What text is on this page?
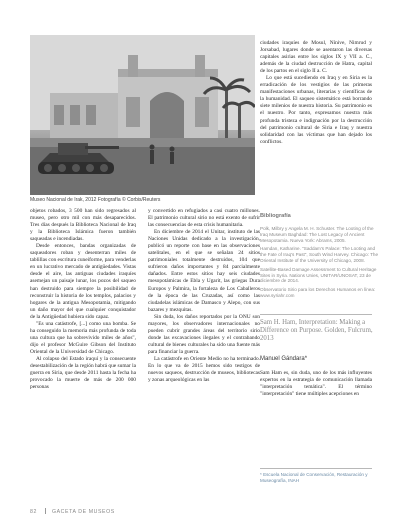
Museo Nacional de Irak, 2012 Fotografía © Corbis/Reuters

objetos robados, 3 500 han sido regresados al museo, pero otro mil con más desaparecidos. Tres días después la Biblioteca Nacional de Iraq y la Biblioteca Islámica fueron también saqueadas e incendiadas.

Desde entonces, bandas organizadas de saqueadores roban y desenterran miles de tablillas con escritura cuneiforme, para venderlas en un lucrativo mercado de antigüedades. Vistas desde el aire, las antiguas ciudades iraquíes asemejan un paisaje lunar, los pozos del saqueo han destruido para siempre la posibilidad de reconstruir la historia de los templos, palacios y hogares de la antigua Mesopotamia, mitigando un daño mayor del que cualquier conquistador de la Antigüedad hubiera sido capaz.

"Es una catástrofe, [...] como una bomba. Se ha conseguido la memoria más profunda de toda una cultura que ha sobrevivido miles de años", dijo el profesor McGuire Gibson del Instituto Oriental de la Universidad de Chicago.

Al colapso del Estado iraquí y la consecuente desestabilización de la región habrá que sumar la guerra en Siria, que desde 2011 hasta la fecha ha provocado la muerte de más de 200 000 personas

y convertido en refugiados a casi cuatro millones. El patrimonio cultural sirio no está exento de sufrir las consecuencias de esta crisis humanitaria.

En diciembre de 2014 el Unitar, instituto de las Naciones Unidas dedicado a la investigación, publicó un reporte con base en las observaciones satelitales, en el que se señalan 24 sitios patrimoniales totalmente destruidos, 104 que sufrieron daños importantes y 84 parcialmente dañados. Entre estos sitios hay seis ciudades mesopotámicas de Ebla y Ugarit, las griegas Dura Europos y Palmira, la fortaleza de Los Caballeros de la época de las Cruzadas, así como las ciudadelas islámicas de Damasco y Alepo, con sus bazares y mezquitas.

Sin duda, los daños reportados por la ONU son mayores, los observadores internacionales no pueden cubrir grandes áreas del territorio sirio donde las excavaciones ilegales y el contrabando cultural de bienes culturales ha sido una fuente más para financiar la guerra.

La catástrofe en Oriente Medio no ha terminado. En lo que va de 2015 hemos sido testigos de nuevos saqueos, destrucción de museos, bibliotecas y zonas arqueológicas en las

ciudades iraquíes de Mosul, Nínive, Nimrud y Jorsabad, lugares donde se asentaron las diversas capitales asirias entre los siglos IX y VII a. C., además de la ciudad destrucción de Hatra, capital de los partos en el siglo II a. C.

Lo que está sucediendo en Iraq y en Siria es la erradicación de los vestigios de las primeras manifestaciones urbanas, literarias y científicas de la humanidad. El saqueo sistemático está borrando siete milenios de nuestra historia. Su patrimonio es el nuestro. Por tanto, expresamos nuestra más profunda tristeza e indignación por la destrucción del patrimonio cultural de Siria e Iraq y nuestra solidaridad con las víctimas que han dejado los conflictos.

Bibliografía

Polk, Milbry y Angela M. H. Schuster. The Looting of the Iraq Museum Baghdad: The Lost Legacy of Ancient Mesopotamia. Nueva York: Abrams, 2005.

Hamdan, Katharine. "Saddam's Palace: The Looting and the Fate of Iraq's Past", South Wind Harvey. Chicago: The Oriental Institute of the University of Chicago, 2008.

Satellite-Based Damage Assessment to Cultural Heritage Sites in Syria. Nations Unies, UNITAR/UNOSAT, 23 de diciembre de 2014.

Observatorio Sirio para los Derechos Humanos en línea: www.syriahr.com

Sam H. Ham, Interpretation: Making a Difference on Purpose. Golden, Fulcrum, 2013
Manuel Gándara*

Sam Ham es, sin duda, uno de los más influyentes expertos en la estrategia de comunicación llamada "interpretación temática". El término "interpretación" tiene múltiples acepciones en

* Escuela Nacional de Conservación, Restauración y Museografía, INAH
82	GACETA DE MUSEOS
